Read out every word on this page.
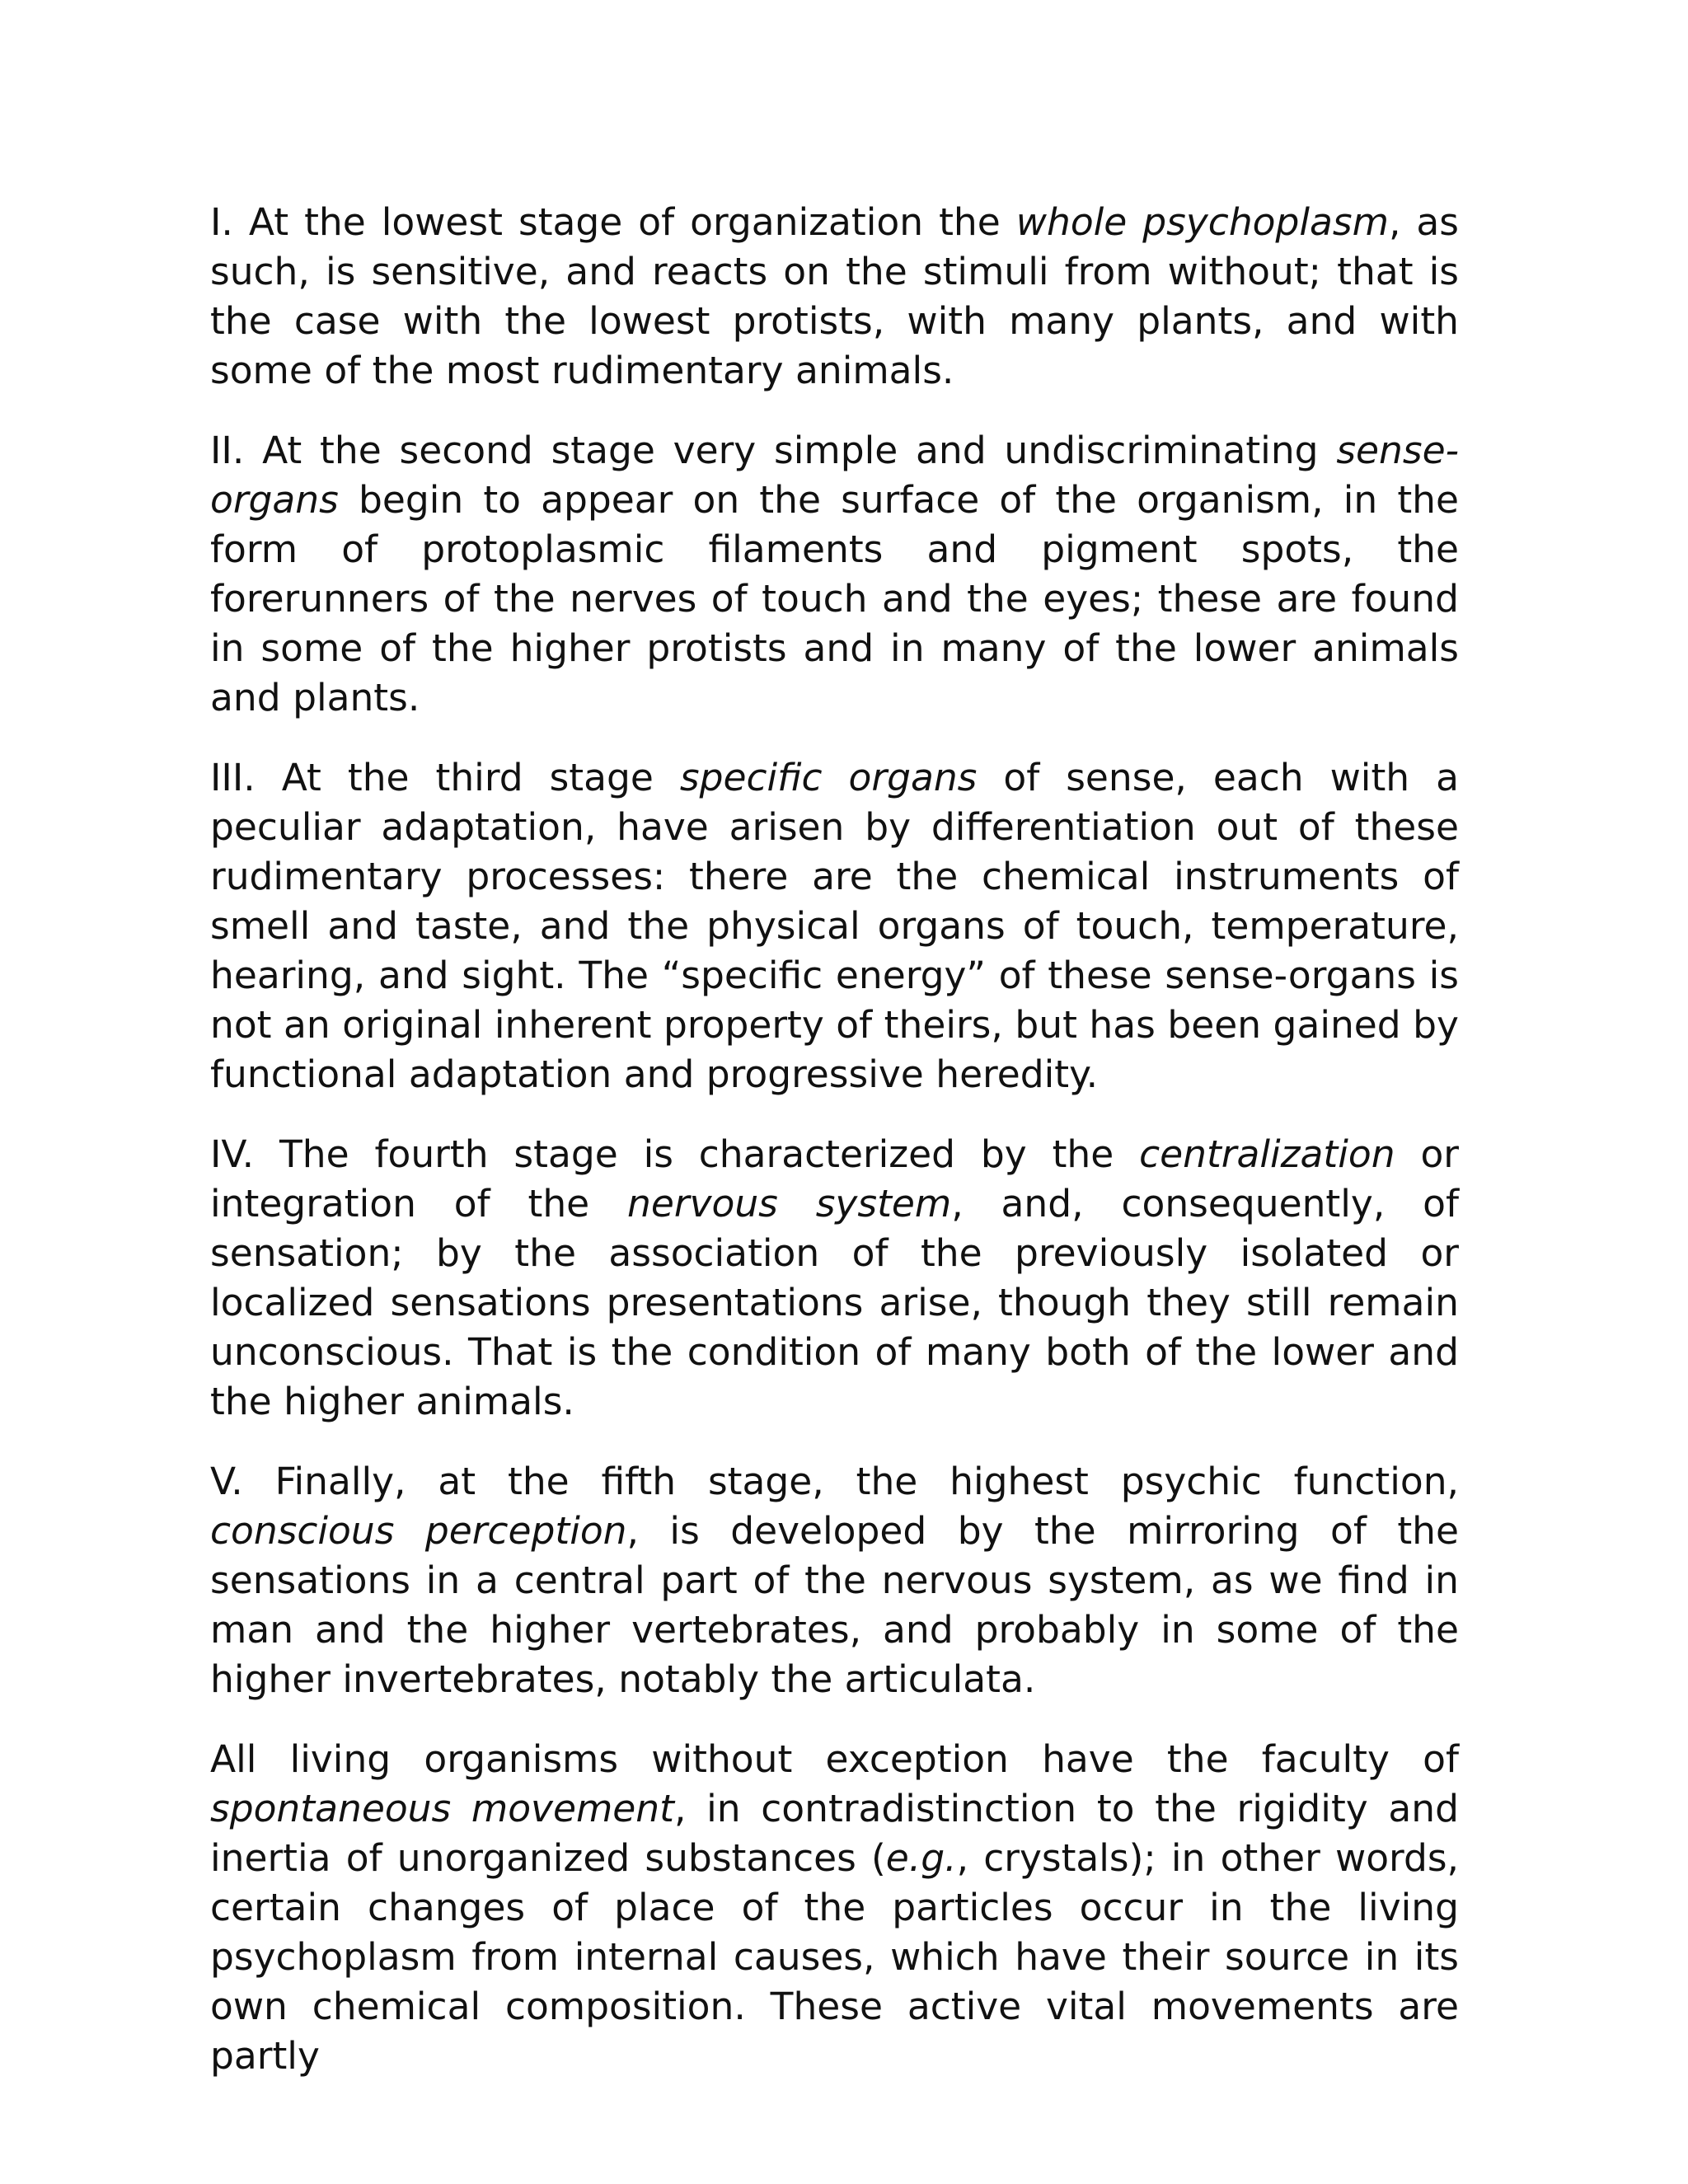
I. At the lowest stage of organization the whole psychoplasm, as such, is sensitive, and reacts on the stimuli from without; that is the case with the lowest protists, with many plants, and with some of the most rudimentary animals.

II. At the second stage very simple and undiscriminating sense-organs begin to appear on the surface of the organism, in the form of protoplasmic filaments and pigment spots, the forerunners of the nerves of touch and the eyes; these are found in some of the higher protists and in many of the lower animals and plants.

III. At the third stage specific organs of sense, each with a peculiar adaptation, have arisen by differentiation out of these rudimentary processes: there are the chemical instruments of smell and taste, and the physical organs of touch, temperature, hearing, and sight. The “specific energy” of these sense-organs is not an original inherent property of theirs, but has been gained by functional adaptation and progressive heredity.

IV. The fourth stage is characterized by the centralization or integration of the nervous system, and, consequently, of sensation; by the association of the previously isolated or localized sensations presentations arise, though they still remain unconscious. That is the condition of many both of the lower and the higher animals.

V. Finally, at the fifth stage, the highest psychic function, conscious perception, is developed by the mirroring of the sensations in a central part of the nervous system, as we find in man and the higher vertebrates, and probably in some of the higher invertebrates, notably the articulata.

All living organisms without exception have the faculty of spontaneous movement, in contradistinction to the rigidity and inertia of unorganized substances (e.g., crystals); in other words, certain changes of place of the particles occur in the living psychoplasm from internal causes, which have their source in its own chemical composition. These active vital movements are partly
